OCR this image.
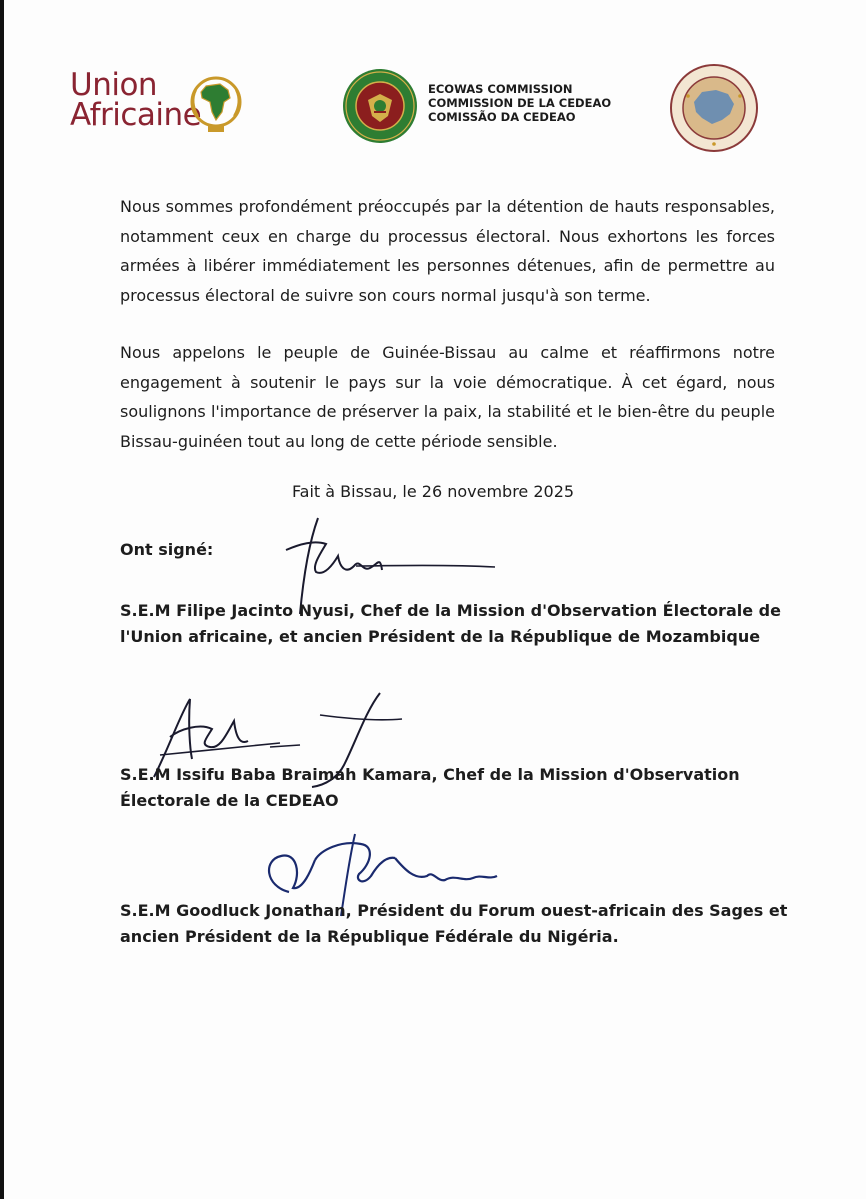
Union
Africaine
ECOWAS COMMISSION
COMMISSION DE LA CEDEAO
COMISSÃO DA CEDEAO
Nous sommes profondément préoccupés par la détention de hauts responsables, notamment ceux en charge du processus électoral. Nous exhortons les forces armées à libérer immédiatement les personnes détenues, afin de permettre au processus électoral de suivre son cours normal jusqu'à son terme.
Nous appelons le peuple de Guinée-Bissau au calme et réaffirmons notre engagement à soutenir le pays sur la voie démocratique. À cet égard, nous soulignons l'importance de préserver la paix, la stabilité et le bien-être du peuple Bissau-guinéen tout au long de cette période sensible.
Fait à Bissau, le 26 novembre 2025
Ont signé:
S.E.M Filipe Jacinto Nyusi, Chef de la Mission d'Observation Électorale de l'Union africaine, et ancien Président de la République de Mozambique
S.E.M Issifu Baba Braimah Kamara, Chef de la Mission d'Observation Électorale de la CEDEAO
S.E.M Goodluck Jonathan, Président du Forum ouest-africain des Sages et ancien Président de la République Fédérale du Nigéria.
